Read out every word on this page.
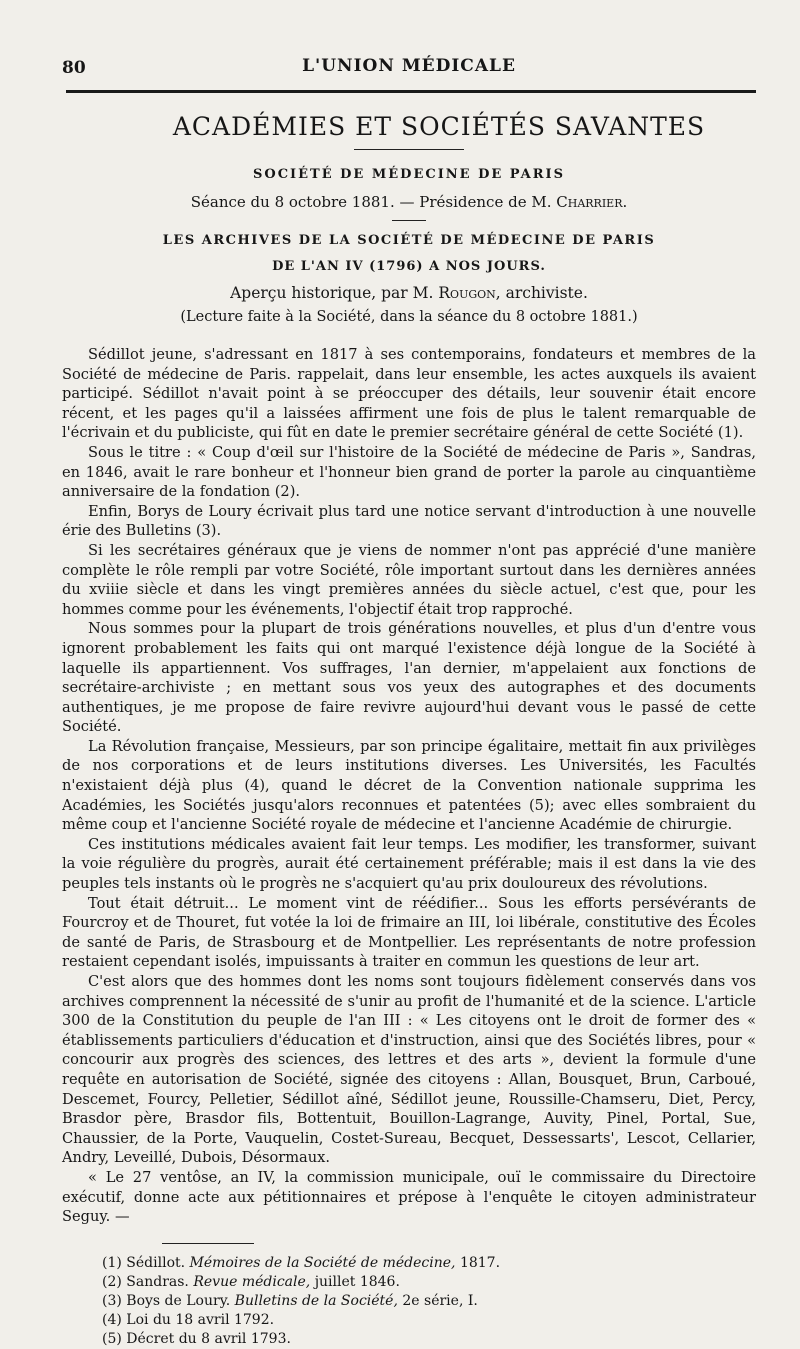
80	L'UNION MÉDICALE
ACADÉMIES ET SOCIÉTÉS SAVANTES
SOCIÉTÉ DE MÉDECINE DE PARIS
Séance du 8 octobre 1881. — Présidence de M. Charrier.
LES ARCHIVES DE LA SOCIÉTÉ DE MÉDECINE DE PARIS
DE L'AN IV (1796) A NOS JOURS.
Aperçu historique, par M. Rougon, archiviste.
(Lecture faite à la Société, dans la séance du 8 octobre 1881.)

Sédillot jeune, s'adressant en 1817 à ses contemporains, fondateurs et membres de la Société de médecine de Paris. rappelait, dans leur ensemble, les actes auxquels ils avaient participé. Sédillot n'avait point à se préoccuper des détails, leur souvenir était encore récent, et les pages qu'il a laissées affirment une fois de plus le talent remarquable de l'écrivain et du publiciste, qui fût en date le premier secrétaire général de cette Société (1).

Sous le titre : « Coup d'œil sur l'histoire de la Société de médecine de Paris », Sandras, en 1846, avait le rare bonheur et l'honneur bien grand de porter la parole au cinquantième anniversaire de la fondation (2).

Enfin, Borys de Loury écrivait plus tard une notice servant d'introduction à une nouvelle érie des Bulletins (3).

Si les secrétaires généraux que je viens de nommer n'ont pas apprécié d'une manière complète le rôle rempli par votre Société, rôle important surtout dans les dernières années du xviiie siècle et dans les vingt premières années du siècle actuel, c'est que, pour les hommes comme pour les événements, l'objectif était trop rapproché.

Nous sommes pour la plupart de trois générations nouvelles, et plus d'un d'entre vous ignorent probablement les faits qui ont marqué l'existence déjà longue de la Société à laquelle ils appartiennent. Vos suffrages, l'an dernier, m'appelaient aux fonctions de secrétaire-archiviste ; en mettant sous vos yeux des autographes et des documents authentiques, je me propose de faire revivre aujourd'hui devant vous le passé de cette Société.

La Révolution française, Messieurs, par son principe égalitaire, mettait fin aux privilèges de nos corporations et de leurs institutions diverses. Les Universités, les Facultés n'existaient déjà plus (4), quand le décret de la Convention nationale supprima les Académies, les Sociétés jusqu'alors reconnues et patentées (5); avec elles sombraient du même coup et l'ancienne Société royale de médecine et l'ancienne Académie de chirurgie.

Ces institutions médicales avaient fait leur temps. Les modifier, les transformer, suivant la voie régulière du progrès, aurait été certainement préférable; mais il est dans la vie des peuples tels instants où le progrès ne s'acquiert qu'au prix douloureux des révolutions.

Tout était détruit... Le moment vint de réédifier... Sous les efforts persévérants de Fourcroy et de Thouret, fut votée la loi de frimaire an III, loi libérale, constitutive des Écoles de santé de Paris, de Strasbourg et de Montpellier. Les représentants de notre profession restaient cependant isolés, impuissants à traiter en commun les questions de leur art.

C'est alors que des hommes dont les noms sont toujours fidèlement conservés dans vos archives comprennent la nécessité de s'unir au profit de l'humanité et de la science. L'article 300 de la Constitution du peuple de l'an III : « Les citoyens ont le droit de former des « établissements particuliers d'éducation et d'instruction, ainsi que des Sociétés libres, pour « concourir aux progrès des sciences, des lettres et des arts », devient la formule d'une requête en autorisation de Société, signée des citoyens : Allan, Bousquet, Brun, Carboué, Descemet, Fourcy, Pelletier, Sédillot aîné, Sédillot jeune, Roussille-Chamseru, Diet, Percy, Brasdor père, Brasdor fils, Bottentuit, Bouillon-Lagrange, Auvity, Pinel, Portal, Sue, Chaussier, de la Porte, Vauquelin, Costet-Sureau, Becquet, Dessessarts', Lescot, Cellarier, Andry, Leveillé, Dubois, Désormaux.

« Le 27 ventôse, an IV, la commission municipale, ouï le commissaire du Directoire exécutif, donne acte aux pétitionnaires et prépose à l'enquête le citoyen administrateur Seguy. —

(1) Sédillot. Mémoires de la Société de médecine, 1817.
(2) Sandras. Revue médicale, juillet 1846.
(3) Boys de Loury. Bulletins de la Société, 2e série, I.
(4) Loi du 18 avril 1792.
(5) Décret du 8 avril 1793.
